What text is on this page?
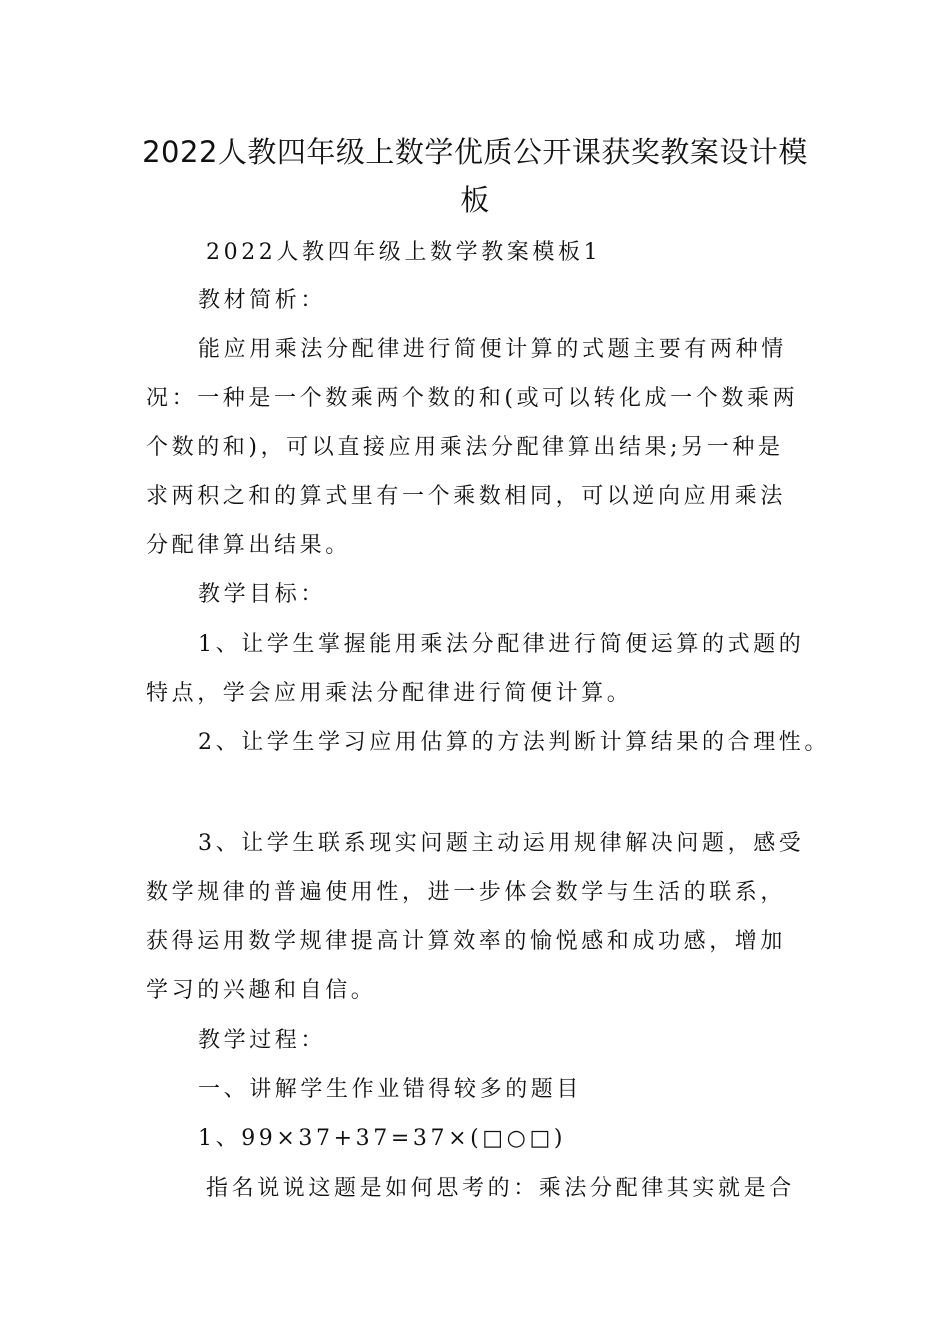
2022人教四年级上数学优质公开课获奖教案设计模
板

2022人教四年级上数学教案模板1

教材简析：

能应用乘法分配律进行简便计算的式题主要有两种情

况：一种是一个数乘两个数的和(或可以转化成一个数乘两

个数的和)，可以直接应用乘法分配律算出结果;另一种是

求两积之和的算式里有一个乘数相同，可以逆向应用乘法

分配律算出结果。

教学目标：

1、让学生掌握能用乘法分配律进行简便运算的式题的

特点，学会应用乘法分配律进行简便计算。

2、让学生学习应用估算的方法判断计算结果的合理性。

3、让学生联系现实问题主动运用规律解决问题，感受

数学规律的普遍使用性，进一步体会数学与生活的联系，

获得运用数学规律提高计算效率的愉悦感和成功感，增加

学习的兴趣和自信。

教学过程：

一、讲解学生作业错得较多的题目

1、99×37+37=37×(□○□)

指名说说这题是如何思考的：乘法分配律其实就是合
